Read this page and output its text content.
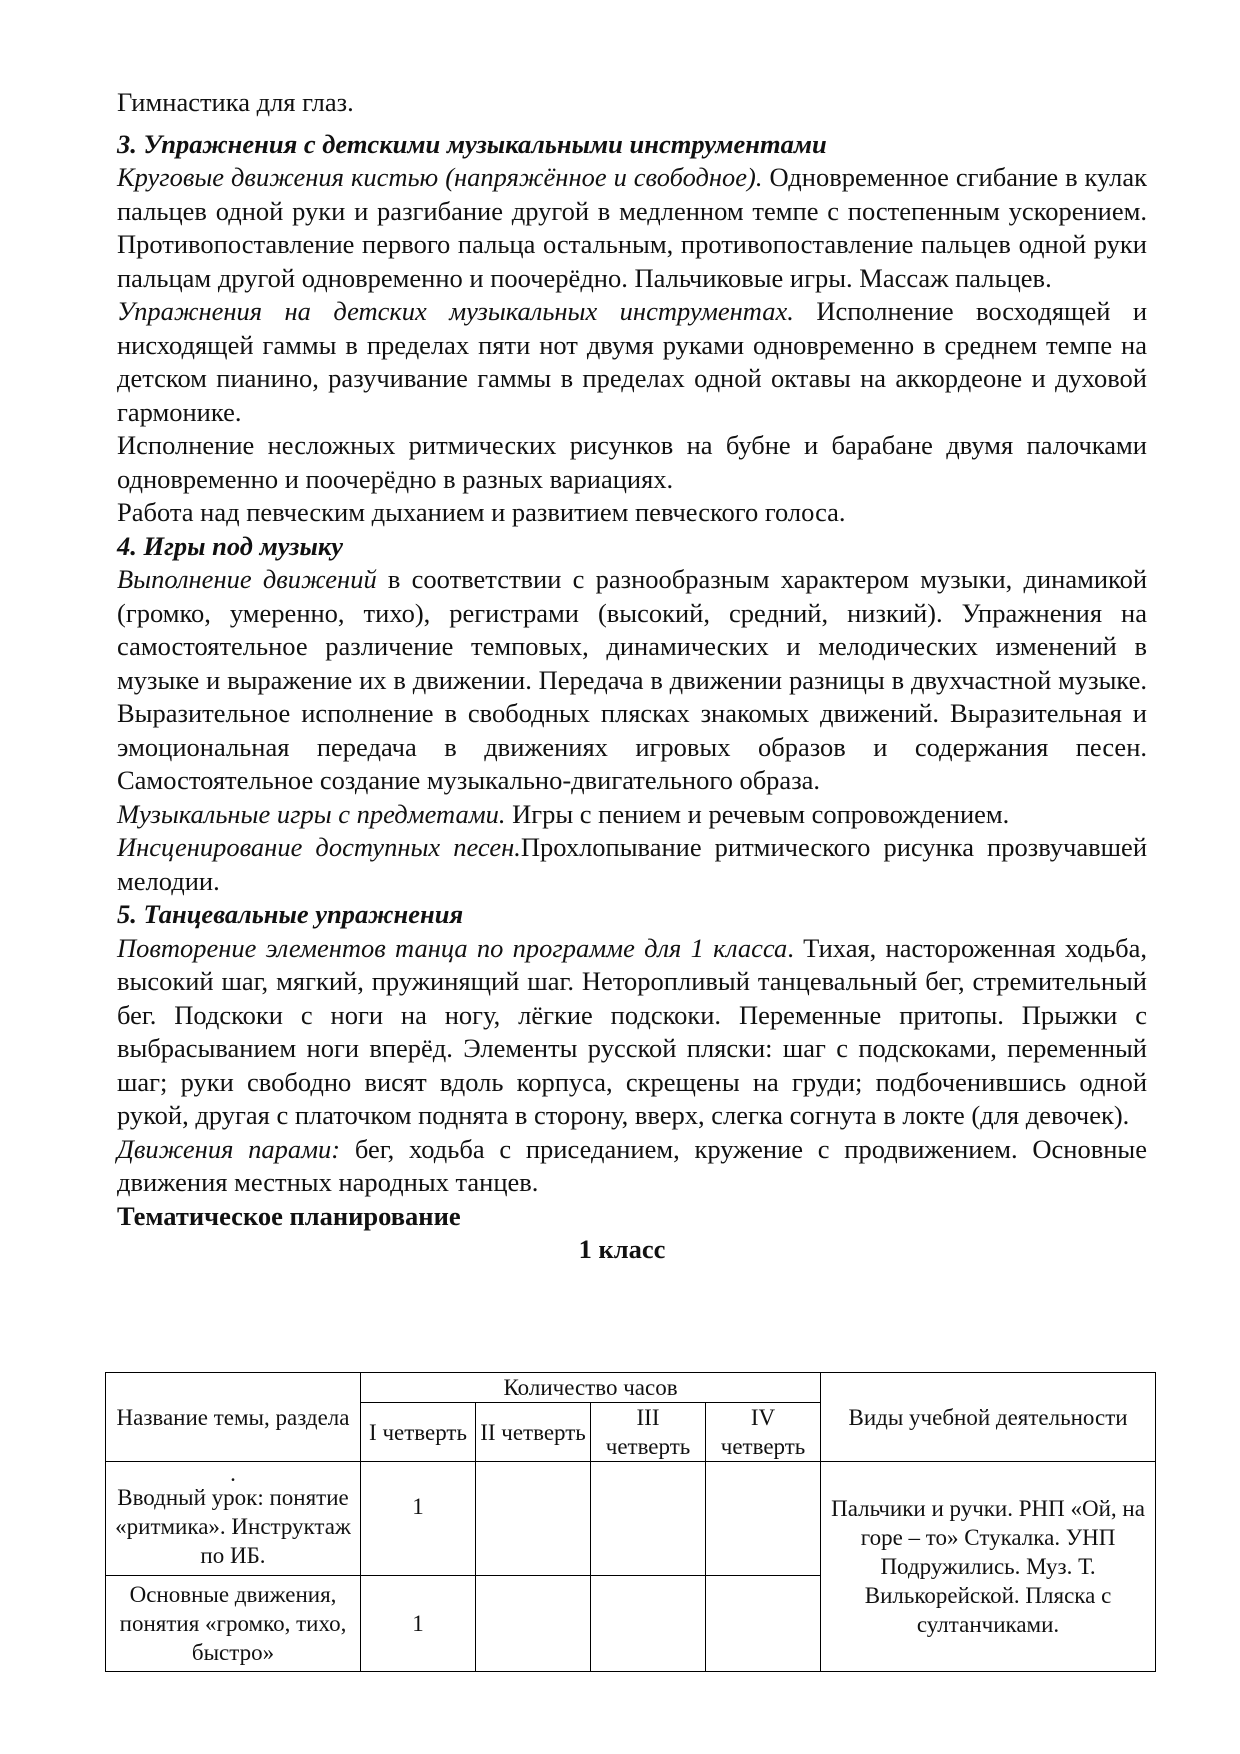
Гимнастика для глаз.

3. Упражнения с детскими музыкальными инструментами

Круговые движения кистью (напряжённое и свободное). Одновременное сгибание в кулак пальцев одной руки и разгибание другой в медленном темпе с постепенным ускорением. Противопоставление первого пальца остальным, противопоставление пальцев одной руки пальцам другой одновременно и поочерёдно. Пальчиковые игры. Массаж пальцев.

Упражнения на детских музыкальных инструментах. Исполнение восходящей и нисходящей гаммы в пределах пяти нот двумя руками одновременно в среднем темпе на детском пианино, разучивание гаммы в пределах одной октавы на аккордеоне и духовой гармонике.

Исполнение несложных ритмических рисунков на бубне и барабане двумя палочками одновременно и поочерёдно в разных вариациях.

Работа над певческим дыханием и развитием певческого голоса.

4. Игры под музыку

Выполнение движений в соответствии с разнообразным характером музыки, динамикой (громко, умеренно, тихо), регистрами (высокий, средний, низкий). Упражнения на самостоятельное различение темповых, динамических и мелодических изменений в музыке и выражение их в движении. Передача в движении разницы в двухчастной музыке. Выразительное исполнение в свободных плясках знакомых движений. Выразительная и эмоциональная передача в движениях игровых образов и содержания песен. Самостоятельное создание музыкально-двигательного образа.

Музыкальные игры с предметами. Игры с пением и речевым сопровождением.

Инсценирование доступных песен.Прохлопывание ритмического рисунка прозвучавшей мелодии.

5. Танцевальные упражнения

Повторение элементов танца по программе для 1 класса. Тихая, настороженная ходьба, высокий шаг, мягкий, пружинящий шаг. Неторопливый танцевальный бег, стремительный бег. Подскоки с ноги на ногу, лёгкие подскоки. Переменные притопы. Прыжки с выбрасыванием ноги вперёд. Элементы русской пляски: шаг с подскоками, переменный шаг; руки свободно висят вдоль корпуса, скрещены на груди; подбоченившись одной рукой, другая с платочком поднята в сторону, вверх, слегка согнута в локте (для девочек).

Движения парами: бег, ходьба с приседанием, кружение с продвижением. Основные движения местных народных танцев.

Тематическое планирование

1 класс

Название темы, раздела	Количество часов				Виды учебной деятельности
	I четверть	II четверть	III четверть	IV четверть	

.
Вводный урок: понятие «ритмика». Инструктаж по ИБ.	1				Пальчики и ручки. РНП «Ой, на горе – то» Стукалка. УНП Подружились. Муз. Т. Вилькорейской. Пляска с султанчиками.
Основные движения, понятия «громко, тихо, быстро»	1				
